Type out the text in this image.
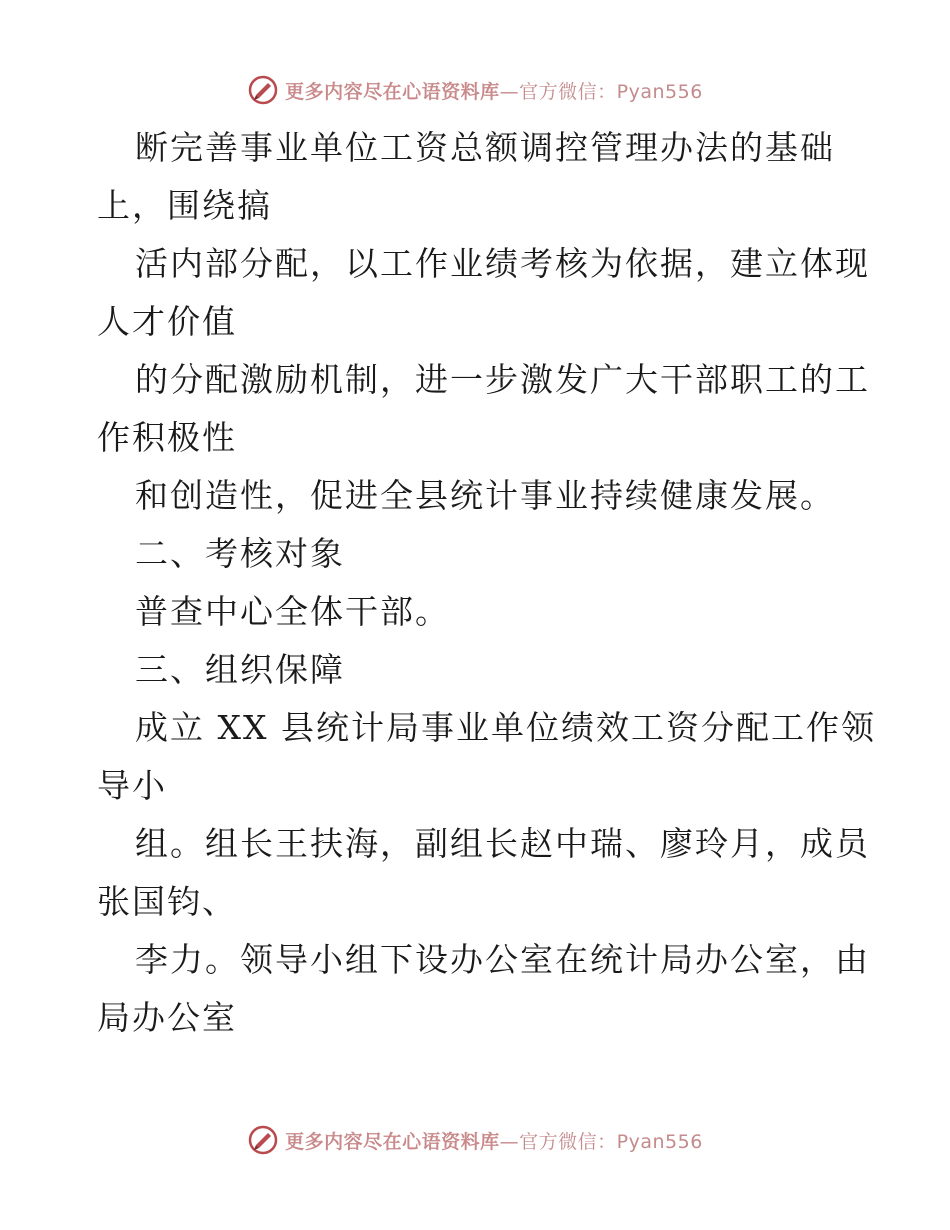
更多内容尽在心语资料库—官方微信：Pyan556
断完善事业单位工资总额调控管理办法的基础
上，围绕搞
活内部分配，以工作业绩考核为依据，建立体现
人才价值
的分配激励机制，进一步激发广大干部职工的工
作积极性
和创造性，促进全县统计事业持续健康发展。
二、考核对象
普查中心全体干部。
三、组织保障
成立 XX 县统计局事业单位绩效工资分配工作领
导小
组。组长王扶海，副组长赵中瑞、廖玲月，成员
张国钧、
李力。领导小组下设办公室在统计局办公室，由
局办公室
更多内容尽在心语资料库—官方微信：Pyan556
